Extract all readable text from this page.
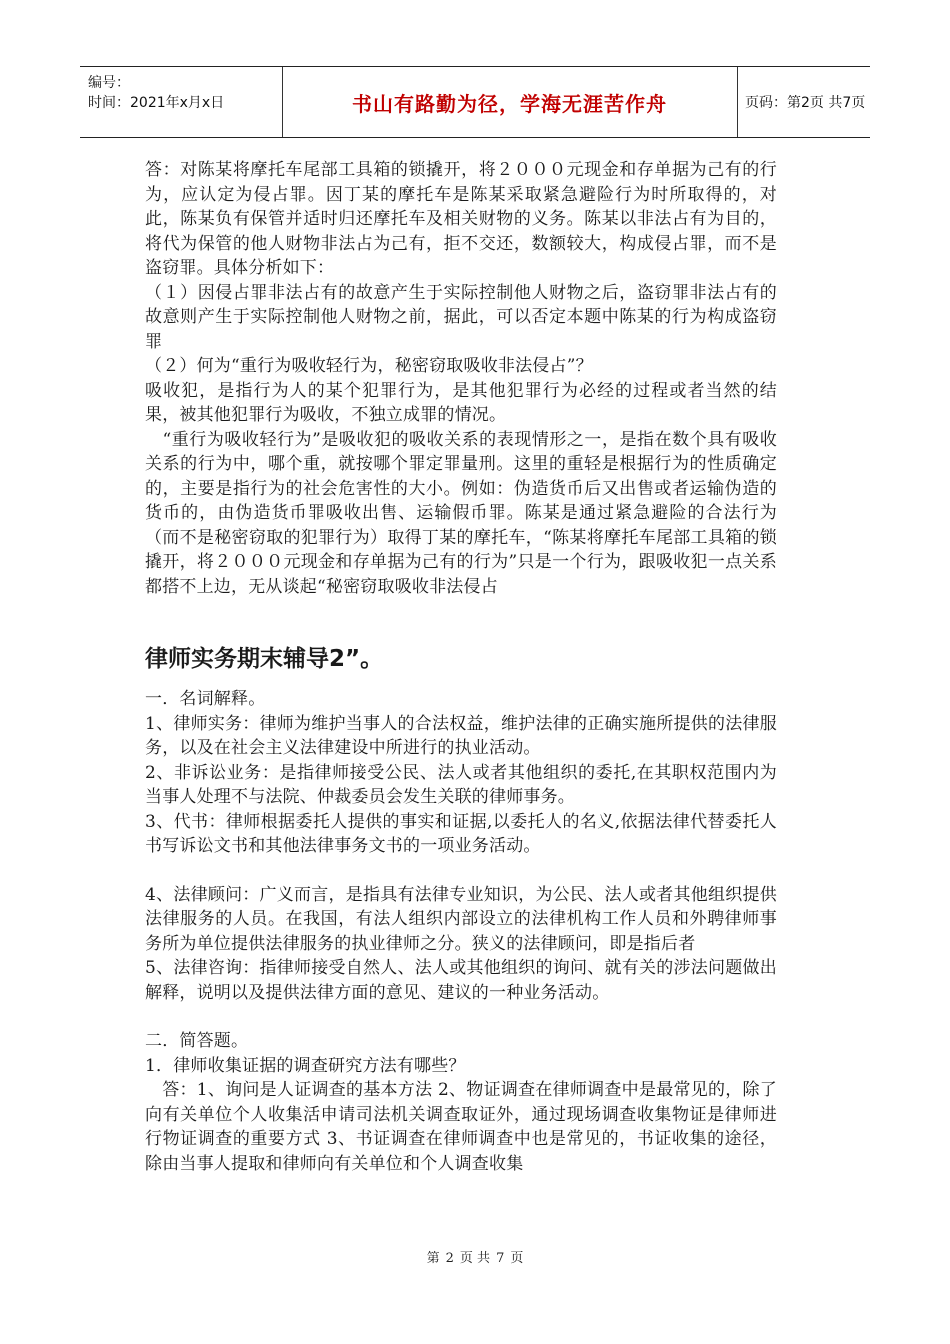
编号：
时间：2021年x月x日	书山有路勤为径，学海无涯苦作舟	页码：第2页 共7页

答：对陈某将摩托车尾部工具箱的锁撬开，将２０００元现金和存单据为己有的行为，应认定为侵占罪。因丁某的摩托车是陈某采取紧急避险行为时所取得的，对此，陈某负有保管并适时归还摩托车及相关财物的义务。陈某以非法占有为目的，将代为保管的他人财物非法占为己有，拒不交还，数额较大，构成侵占罪，而不是盗窃罪。具体分析如下：

（１）因侵占罪非法占有的故意产生于实际控制他人财物之后，盗窃罪非法占有的故意则产生于实际控制他人财物之前，据此，可以否定本题中陈某的行为构成盗窃罪

（２）何为“重行为吸收轻行为，秘密窃取吸收非法侵占”？

吸收犯，是指行为人的某个犯罪行为，是其他犯罪行为必经的过程或者当然的结果，被其他犯罪行为吸收，不独立成罪的情况。

　“重行为吸收轻行为”是吸收犯的吸收关系的表现情形之一，是指在数个具有吸收关系的行为中，哪个重，就按哪个罪定罪量刑。这里的重轻是根据行为的性质确定的，主要是指行为的社会危害性的大小。例如：伪造货币后又出售或者运输伪造的货币的，由伪造货币罪吸收出售、运输假币罪。陈某是通过紧急避险的合法行为（而不是秘密窃取的犯罪行为）取得丁某的摩托车，“陈某将摩托车尾部工具箱的锁撬开，将２０００元现金和存单据为己有的行为”只是一个行为，跟吸收犯一点关系都搭不上边，无从谈起“秘密窃取吸收非法侵占

律师实务期末辅导2”。

一．名词解释。

1、律师实务：律师为维护当事人的合法权益，维护法律的正确实施所提供的法律服务，以及在社会主义法律建设中所进行的执业活动。

2、非诉讼业务：是指律师接受公民、法人或者其他组织的委托,在其职权范围内为当事人处理不与法院、仲裁委员会发生关联的律师事务。

3、代书：律师根据委托人提供的事实和证据,以委托人的名义,依据法律代替委托人书写诉讼文书和其他法律事务文书的一项业务活动。

4、法律顾问：广义而言，是指具有法律专业知识，为公民、法人或者其他组织提供法律服务的人员。在我国，有法人组织内部设立的法律机构工作人员和外聘律师事务所为单位提供法律服务的执业律师之分。狭义的法律顾问，即是指后者

5、法律咨询：指律师接受自然人、法人或其他组织的询问、就有关的涉法问题做出解释，说明以及提供法律方面的意见、建议的一种业务活动。

二．简答题。

1．律师收集证据的调查研究方法有哪些？

　答：1、询问是人证调查的基本方法 2、物证调查在律师调查中是最常见的，除了向有关单位个人收集活申请司法机关调查取证外，通过现场调查收集物证是律师进行物证调查的重要方式 3、书证调查在律师调查中也是常见的，书证收集的途径，除由当事人提取和律师向有关单位和个人调查收集

第 2 页 共 7 页
